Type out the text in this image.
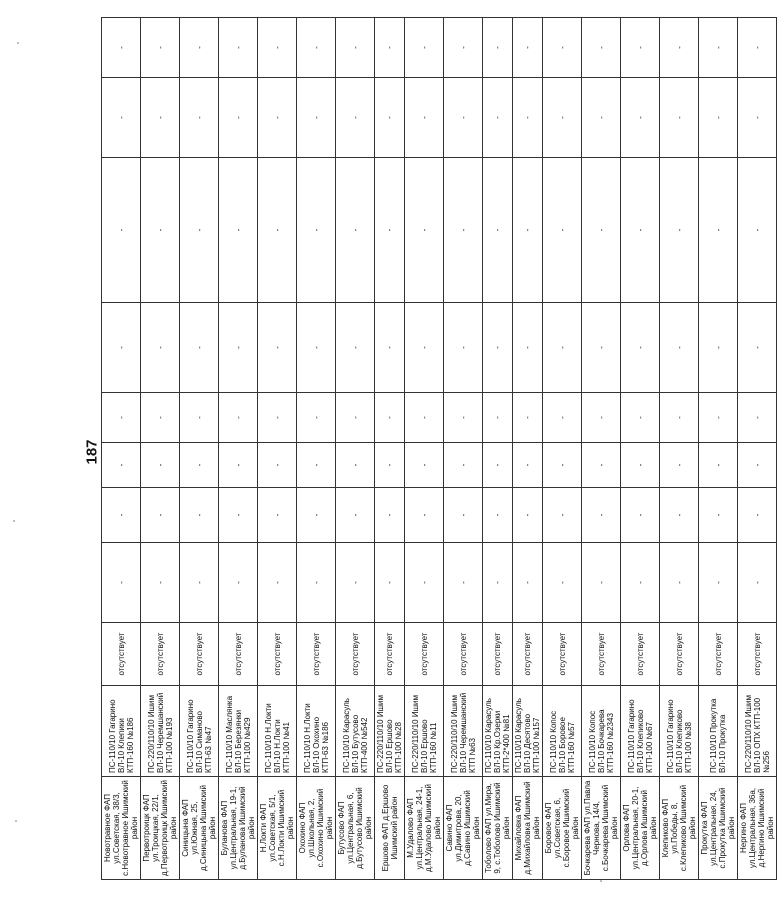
187
Новотравное ФАП ул.Советская, 38/3, с.Новотравное Ишимский район	ПС-110/10 Гагарино ВЛ-10 Клепики КТП-160 №186	отсутствует	-	-	-	-	-	-	-	-
Первотроицк ФАП ул.Троицкая, 22/1, д.Первотроицк Ишимский район	ПС-220/110/10 Ишим ВЛ-10 Черемшанский КТП-100 №193	отсутствует	-	-	-	-	-	-	-	-
Синицына ФАП ул.Южная, 25, д.Синицына Ишимский район	ПС-110/10 Гагарино ВЛ-10 Симаново КТП-63 №47	отсутствует	-	-	-	-	-	-	-	-
Буланова ФАП ул.Центральная, 19-1, д.Буланова Ишимский район	ПС-110/10 Маслянка ВЛ-10 Березянки КТП-100 №429	отсутствует	-	-	-	-	-	-	-	-
Н.Локти ФАП ул.Советская, 5/1, с.Н.Локти Ишимский район	ПС-110/10 Н.Локти ВЛ-10 Н.Локти КТП-100 №41	отсутствует	-	-	-	-	-	-	-	-
Охохино ФАП ул.Школьная, 2, с.Охохино Ишимский район	ПС-110/10 Н.Локти ВЛ-10 Охохино КТП-63 №186	отсутствует	-	-	-	-	-	-	-	-
Бутусово ФАП ул.Центральная, 6, д.Бутусово Ишимский район	ПС-110/10 Карасуль ВЛ-10 Бутусово КТП-400 №542	отсутствует	-	-	-	-	-	-	-	-
Ершово ФАП д.Ершово Ишимский район	ПС-220/110/10 Ишим ВЛ-10 Ершово КТП-100 №28	отсутствует	-	-	-	-	-	-	-	-
М.Удалово ФАП ул.Центральная, 24-1, д.М.Удалово Ишимский район	ПС-220/110/10 Ишим ВЛ-10 Ершово КТП-160 №11	отсутствует	-	-	-	-	-	-	-	-
Савино ФАП ул.Димитрова, 20, д.Савино Ишимский район	ПС-220/110/10 Ишим ВЛ-10 Черемшанский КТП №63	отсутствует	-	-	-	-	-	-	-	-
Тоболово ФАП ул.Мира, 9, с.Тоболово Ишимский район	ПС-110/10 Карасуль ВЛ-10 Кр.Озерки КТП-2*400 №81	отсутствует	-	-	-	-	-	-	-	-
Михайловка ФАП д.Михайловка Ишимский район	ПС-110/10 Карасуль ВЛ-10 Десятово КТП-100 №157	отсутствует	-	-	-	-	-	-	-	-
Боровое ФАП ул.Советская, 6, с.Боровое Ишимский район	ПС-110/10 Копос ВЛ-10 Боровое КТП-160 №57	отсутствует	-	-	-	-	-	-	-	-
Бочкарева ФАП ул.Павла Чернова, 14/4, с.Бочкарева Ишимский район	ПС-110/10 Копос ВЛ-10 Бочкарева КТП-160 №2343	отсутствует	-	-	-	-	-	-	-	-
Орлова ФАП ул.Центральная, 20-1, д.Орлова Ишимский район	ПС-110/10 Гагарино ВЛ-10 Клепиково КТП-100 №67	отсутствует	-	-	-	-	-	-	-	-
Клепиково ФАП ул.Победы, 8, с.Клепиково Ишимский район	ПС-110/10 Гагарино ВЛ-10 Клепиково КТП-100 №38	отсутствует	-	-	-	-	-	-	-	-
Прокутка ФАП ул.Центральная, 24, с.Прокутка Ишимский район	ПС-110/10 Прокутка ВЛ-10 Прокутка	отсутствует	-	-	-	-	-	-	-	-
Нергино ФАП ул.Центральная, 36а, д.Нергино Ишимский район	ПС-220/110/10 Ишим ВЛ-10 ОПХ КТП-100 №256	отсутствует	-	-	-	-	-	-	-	-
